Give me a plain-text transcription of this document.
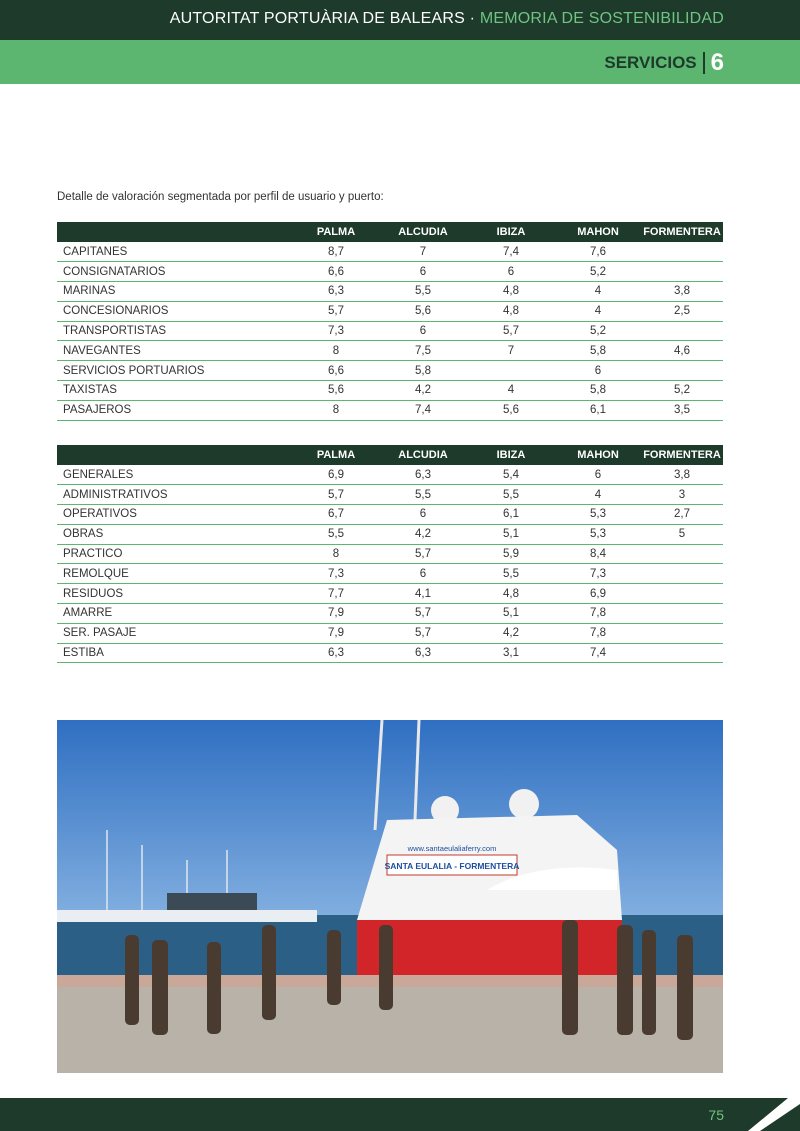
AUTORITAT PORTUÀRIA DE BALEARS · MEMORIA DE SOSTENIBILIDAD
SERVICIOS 6

Detalle de valoración segmentada por perfil de usuario y puerto:

	PALMA	ALCUDIA	IBIZA	MAHON	FORMENTERA
CAPITANES	8,7	7	7,4	7,6	
CONSIGNATARIOS	6,6	6	6	5,2	
MARINAS	6,3	5,5	4,8	4	3,8
CONCESIONARIOS	5,7	5,6	4,8	4	2,5
TRANSPORTISTAS	7,3	6	5,7	5,2	
NAVEGANTES	8	7,5	7	5,8	4,6
SERVICIOS PORTUARIOS	6,6	5,8		6	
TAXISTAS	5,6	4,2	4	5,8	5,2
PASAJEROS	8	7,4	5,6	6,1	3,5
	PALMA	ALCUDIA	IBIZA	MAHON	FORMENTERA
GENERALES	6,9	6,3	5,4	6	3,8
ADMINISTRATIVOS	5,7	5,5	5,5	4	3
OPERATIVOS	6,7	6	6,1	5,3	2,7
OBRAS	5,5	4,2	5,1	5,3	5
PRACTICO	8	5,7	5,9	8,4	
REMOLQUE	7,3	6	5,5	7,3	
RESIDUOS	7,7	4,1	4,8	6,9	
AMARRE	7,9	5,7	5,1	7,8	
SER. PASAJE	7,9	5,7	4,2	7,8	
ESTIBA	6,3	6,3	3,1	7,4	
SANTA EULALIA - FORMENTERA
www.santaeulaliaferry.com
75
